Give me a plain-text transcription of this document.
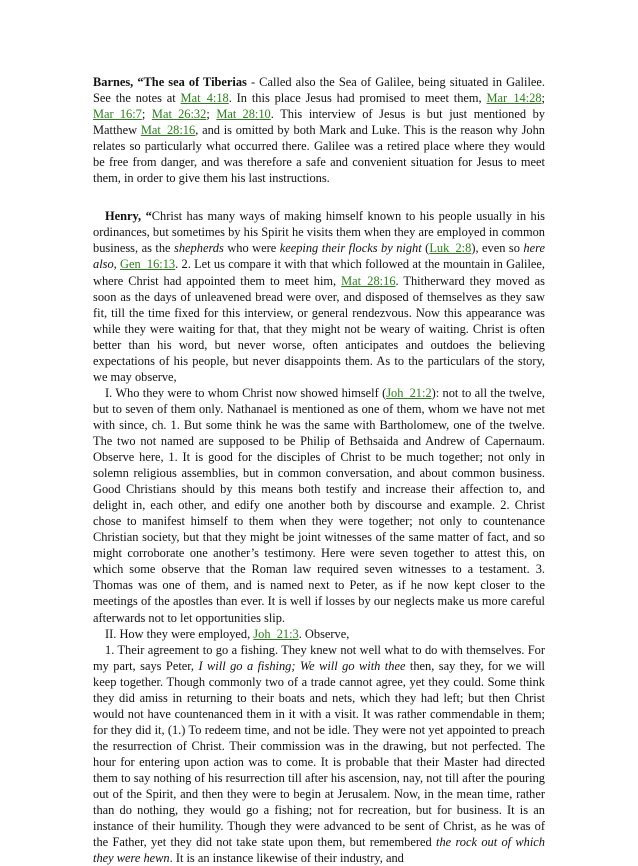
Barnes, “The sea of Tiberias - Called also the Sea of Galilee, being situated in Galilee. See the notes at Mat_4:18. In this place Jesus had promised to meet them, Mar_14:28; Mar_16:7; Mat_26:32; Mat_28:10. This interview of Jesus is but just mentioned by Matthew Mat_28:16, and is omitted by both Mark and Luke. This is the reason why John relates so particularly what occurred there. Galilee was a retired place where they would be free from danger, and was therefore a safe and convenient situation for Jesus to meet them, in order to give them his last instructions.

Henry, “Christ has many ways of making himself known to his people usually in his ordinances, but sometimes by his Spirit he visits them when they are employed in common business, as the shepherds who were keeping their flocks by night (Luk_2:8), even so here also, Gen_16:13. 2. Let us compare it with that which followed at the mountain in Galilee, where Christ had appointed them to meet him, Mat_28:16. Thitherward they moved as soon as the days of unleavened bread were over, and disposed of themselves as they saw fit, till the time fixed for this interview, or general rendezvous. Now this appearance was while they were waiting for that, that they might not be weary of waiting. Christ is often better than his word, but never worse, often anticipates and outdoes the believing expectations of his people, but never disappoints them. As to the particulars of the story, we may observe,

I. Who they were to whom Christ now showed himself (Joh_21:2): not to all the twelve, but to seven of them only. Nathanael is mentioned as one of them, whom we have not met with since, ch. 1. But some think he was the same with Bartholomew, one of the twelve. The two not named are supposed to be Philip of Bethsaida and Andrew of Capernaum. Observe here, 1. It is good for the disciples of Christ to be much together; not only in solemn religious assemblies, but in common conversation, and about common business. Good Christians should by this means both testify and increase their affection to, and delight in, each other, and edify one another both by discourse and example. 2. Christ chose to manifest himself to them when they were together; not only to countenance Christian society, but that they might be joint witnesses of the same matter of fact, and so might corroborate one another’s testimony. Here were seven together to attest this, on which some observe that the Roman law required seven witnesses to a testament. 3. Thomas was one of them, and is named next to Peter, as if he now kept closer to the meetings of the apostles than ever. It is well if losses by our neglects make us more careful afterwards not to let opportunities slip.

II. How they were employed, Joh_21:3. Observe,

1. Their agreement to go a fishing. They knew not well what to do with themselves. For my part, says Peter, I will go a fishing; We will go with thee then, say they, for we will keep together. Though commonly two of a trade cannot agree, yet they could. Some think they did amiss in returning to their boats and nets, which they had left; but then Christ would not have countenanced them in it with a visit. It was rather commendable in them; for they did it, (1.) To redeem time, and not be idle. They were not yet appointed to preach the resurrection of Christ. Their commission was in the drawing, but not perfected. The hour for entering upon action was to come. It is probable that their Master had directed them to say nothing of his resurrection till after his ascension, nay, not till after the pouring out of the Spirit, and then they were to begin at Jerusalem. Now, in the mean time, rather than do nothing, they would go a fishing; not for recreation, but for business. It is an instance of their humility. Though they were advanced to be sent of Christ, as he was of the Father, yet they did not take state upon them, but remembered the rock out of which they were hewn. It is an instance likewise of their industry, and
